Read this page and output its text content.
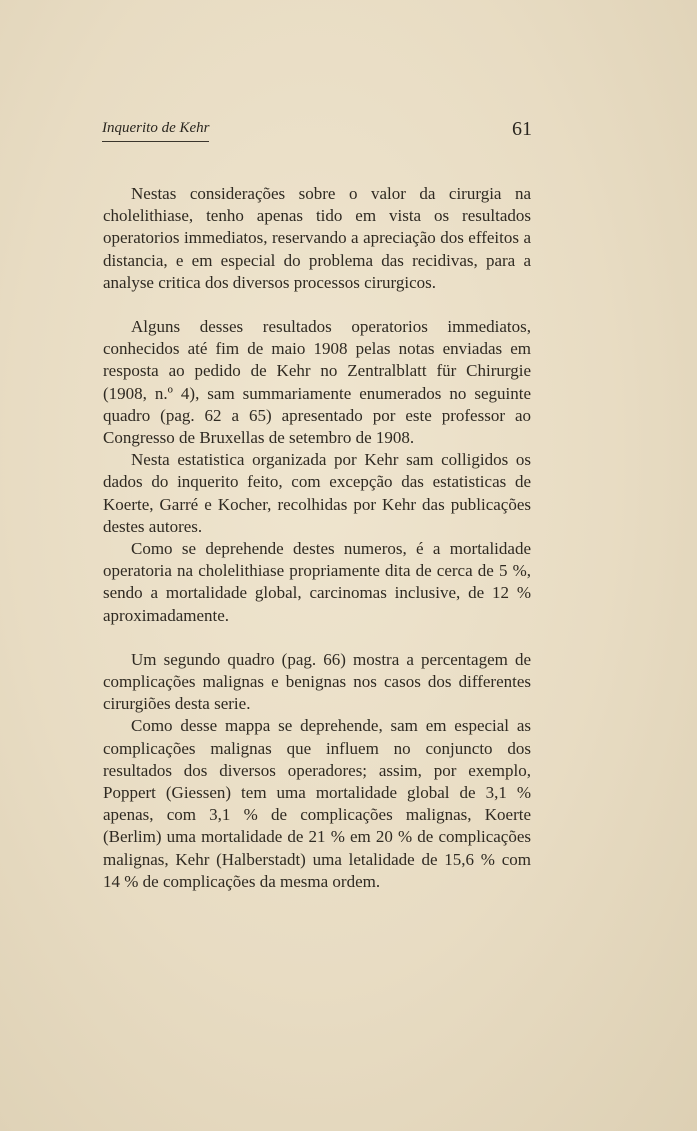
Inquerito de Kehr	61

Nestas considerações sobre o valor da cirurgia na cholelithiase, tenho apenas tido em vista os resultados operatorios immediatos, reservando a apreciação dos effeitos a distancia, e em especial do problema das recidivas, para a analyse critica dos diversos processos cirurgicos.

Alguns desses resultados operatorios immediatos, conhecidos até fim de maio 1908 pelas notas enviadas em resposta ao pedido de Kehr no Zentralblatt für Chirurgie (1908, n.º 4), sam summariamente enumerados no seguinte quadro (pag. 62 a 65) apresentado por este professor ao Congresso de Bruxellas de setembro de 1908.

Nesta estatistica organizada por Kehr sam colligidos os dados do inquerito feito, com excepção das estatisticas de Koerte, Garré e Kocher, recolhidas por Kehr das publicações destes autores.

Como se deprehende destes numeros, é a mortalidade operatoria na cholelithiase propriamente dita de cerca de 5 %, sendo a mortalidade global, carcinomas inclusive, de 12 % aproximadamente.

Um segundo quadro (pag. 66) mostra a percentagem de complicações malignas e benignas nos casos dos differentes cirurgiões desta serie.

Como desse mappa se deprehende, sam em especial as complicações malignas que influem no conjuncto dos resultados dos diversos operadores; assim, por exemplo, Poppert (Giessen) tem uma mortalidade global de 3,1 % apenas, com 3,1 % de complicações malignas, Koerte (Berlim) uma mortalidade de 21 % em 20 % de complicações malignas, Kehr (Halberstadt) uma letalidade de 15,6 % com 14 % de complicações da mesma ordem.
